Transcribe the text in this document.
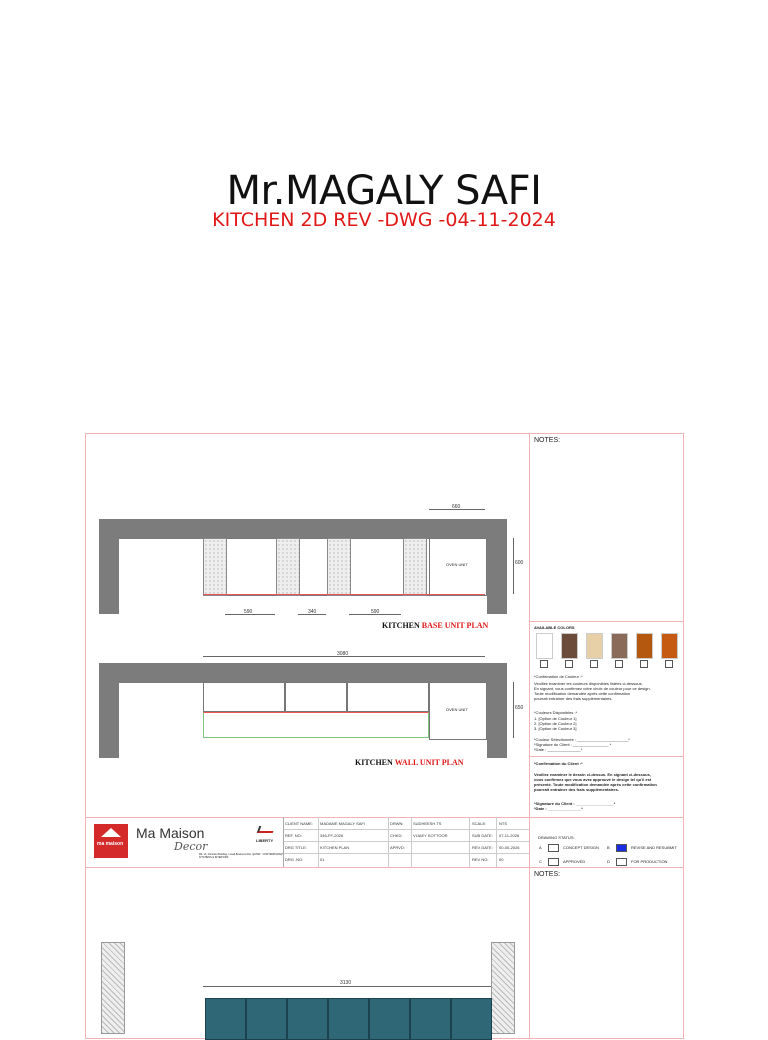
Mr.MAGALY SAFI
KITCHEN 2D REV -DWG -04-11-2024
NOTES:
OVEN UNIT
660
600
590	340	590
KITCHEN BASE UNIT PLAN
3080
OVEN UNIT	650
KITCHEN WALL UNIT PLAN
AVAILABLE COLORS
*Confirmation de Couleur :*
Veuillez examiner les couleurs disponibles listées ci-dessous.
En signant, vous confirmez votre choix de couleur pour ce design.
Toute modification demandée après cette confirmation
pourrait entraîner des frais supplémentaires.
*Couleurs Disponibles :*
1. [Option de Couleur 1]
2. [Option de Couleur 2]
3. [Option de Couleur 3]
*Couleur Sélectionnée : _______________________*
*Signature du Client : ________________ *
*Date : _______________*
*Confirmation du Client :*
Veuillez examiner le dessin ci-dessus. En signant ci-dessous,
vous confirmez que vous avez approuvé le design tel qu'il est
présenté. Toute modification demandée après cette confirmation
pourrait entraîner des frais supplémentaires.
*Signature du Client : _________________*
*Date : _______________*
ma maison
Ma Maison
Decor
Rd. 14, Ooredoo Building, Lusail Business Dist. QATAR · CONTEMPORARY KITCHENS & INTERIORS
LIBERTY
CLIENT NAME: MADAME MAGALY SAFI	DRWN: SUDHEESH.TS	SCALE:	NTS
REF. NO:	346-FF-2026	CHKD:	VIJAEY KOTTOOR	SUB DATE: 07-11-2026
DRG TITLE:	KITCHEN PLAN	APRVD:	REV DATE: 00-00-2026
DRG .NO:	01	REV NO:	00
DRAWING STATUS:
A	CONCEPT DESIGN B	REVISE AND RESUBMIT
C	APPROVED	D	FOR PRODUCTION
NOTES:
3130
